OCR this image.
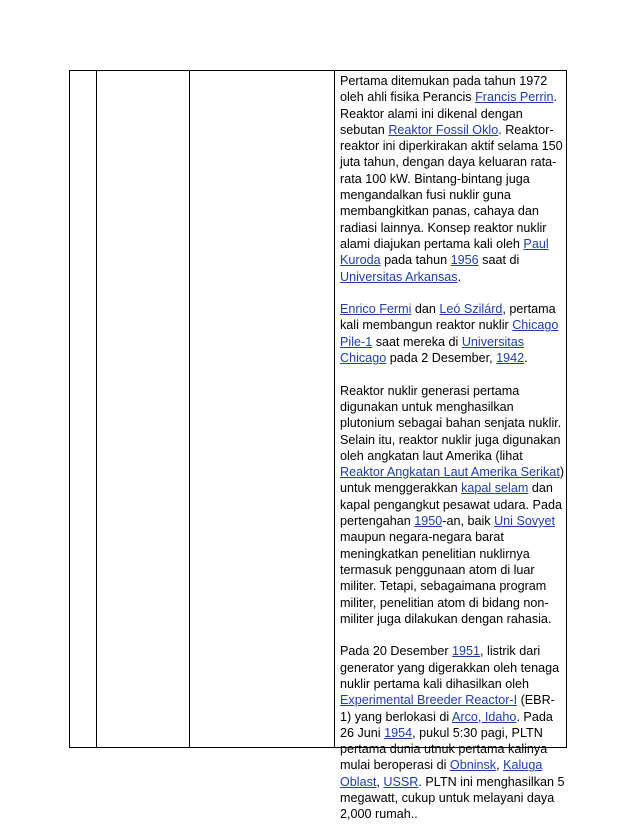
Pertama ditemukan pada tahun 1972 oleh ahli fisika Perancis Francis Perrin. Reaktor alami ini dikenal dengan sebutan Reaktor Fossil Oklo. Reaktor-reaktor ini diperkirakan aktif selama 150 juta tahun, dengan daya keluaran rata-rata 100 kW. Bintang-bintang juga mengandalkan fusi nuklir guna membangkitkan panas, cahaya dan radiasi lainnya. Konsep reaktor nuklir alami diajukan pertama kali oleh Paul Kuroda pada tahun 1956 saat di Universitas Arkansas.

Enrico Fermi dan Leó Szilárd, pertama kali membangun reaktor nuklir Chicago Pile-1 saat mereka di Universitas Chicago pada 2 Desember, 1942.

Reaktor nuklir generasi pertama digunakan untuk menghasilkan plutonium sebagai bahan senjata nuklir. Selain itu, reaktor nuklir juga digunakan oleh angkatan laut Amerika (lihat Reaktor Angkatan Laut Amerika Serikat) untuk menggerakkan kapal selam dan kapal pengangkut pesawat udara. Pada pertengahan 1950-an, baik Uni Sovyet maupun negara-negara barat meningkatkan penelitian nuklirnya termasuk penggunaan atom di luar militer. Tetapi, sebagaimana program militer, penelitian atom di bidang non-militer juga dilakukan dengan rahasia.

Pada 20 Desember 1951, listrik dari generator yang digerakkan oleh tenaga nuklir pertama kali dihasilkan oleh Experimental Breeder Reactor-I (EBR-1) yang berlokasi di Arco, Idaho. Pada 26 Juni 1954, pukul 5:30 pagi, PLTN pertama dunia utnuk pertama kalinya mulai beroperasi di Obninsk, Kaluga Oblast, USSR. PLTN ini menghasilkan 5 megawatt, cukup untuk melayani daya 2,000 rumah..
